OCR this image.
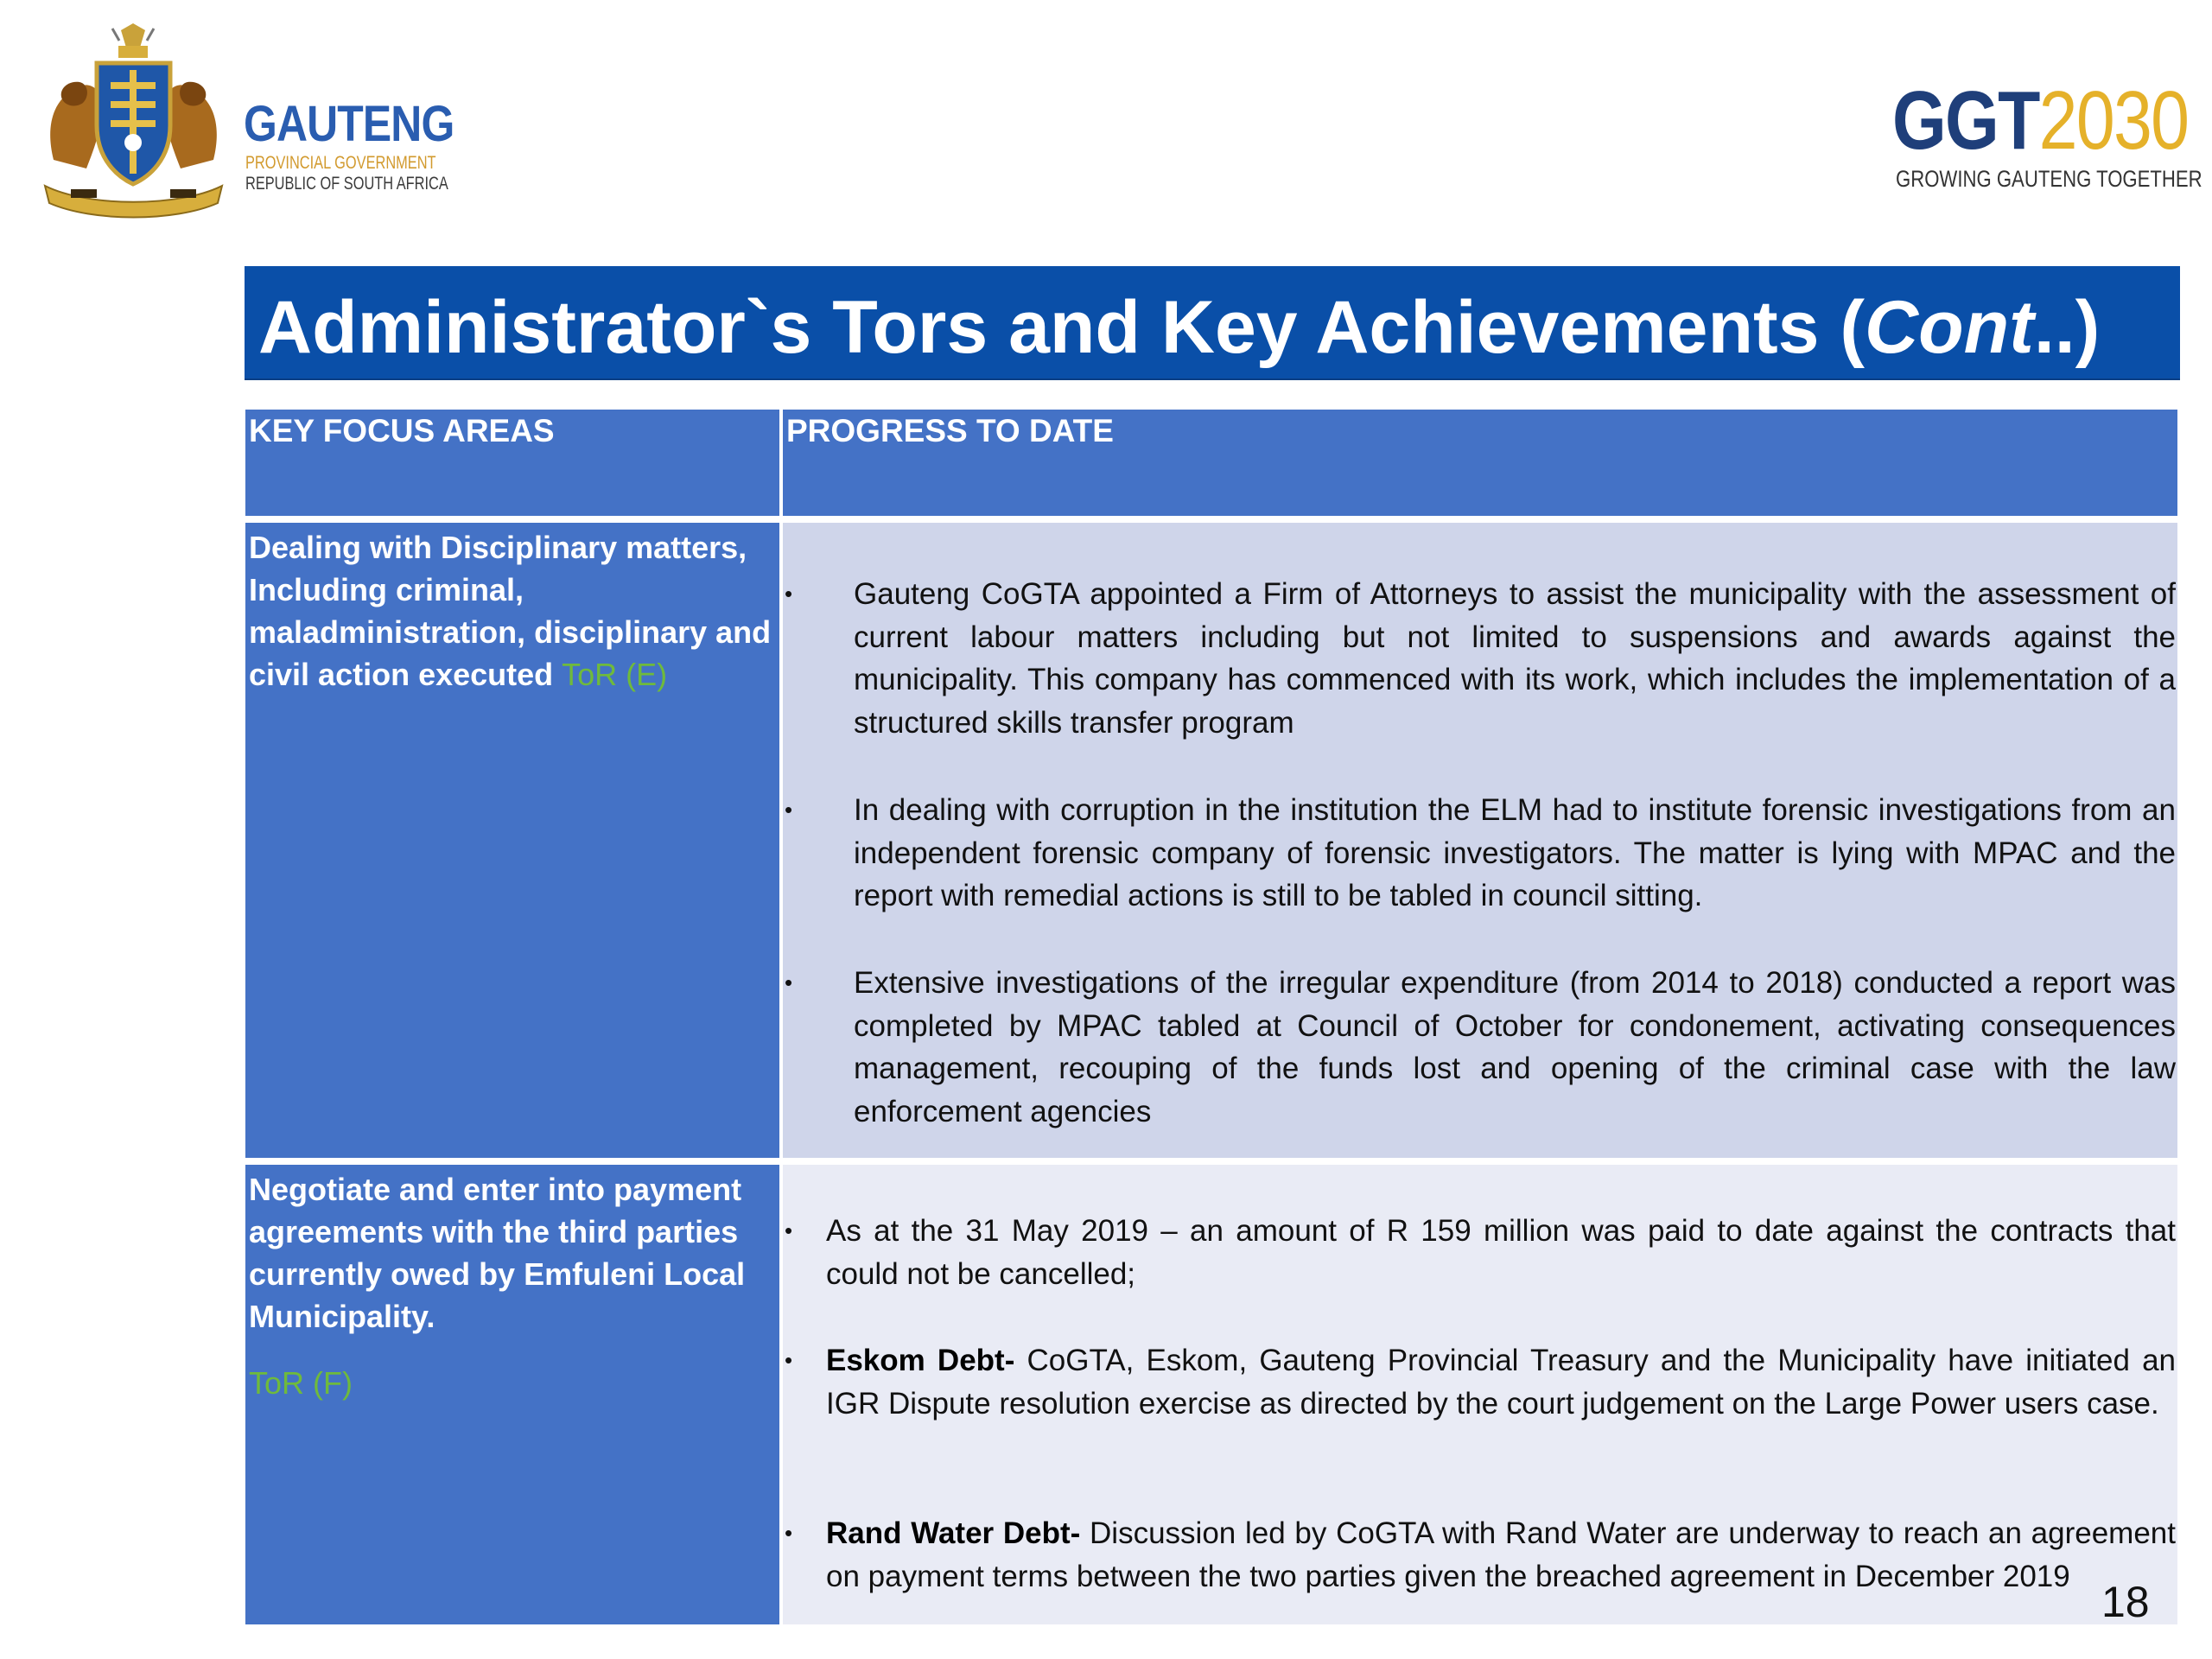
GAUTENG
PROVINCIAL GOVERNMENT
REPUBLIC OF SOUTH AFRICA
GGT2030
GROWING GAUTENG TOGETHER
Administrator`s Tors and Key Achievements (Cont..)
KEY FOCUS AREAS	PROGRESS TO DATE
Dealing with Disciplinary matters, Including criminal, maladministration, disciplinary and civil action executed ToR (E)
• Gauteng CoGTA appointed a Firm of Attorneys to assist the municipality with the assessment of current labour matters including but not limited to suspensions and awards against the municipality. This company has commenced with its work, which includes the implementation of a structured skills transfer program
• In dealing with corruption in the institution the ELM had to institute forensic investigations from an independent forensic company of forensic investigators. The matter is lying with MPAC and the report with remedial actions is still to be tabled in council sitting.
• Extensive investigations of the irregular expenditure (from 2014 to 2018) conducted a report was completed by MPAC tabled at Council of October for condonement, activating consequences management, recouping of the funds lost and opening of the criminal case with the law enforcement agencies
Negotiate and enter into payment agreements with the third parties currently owed by Emfuleni Local Municipality.
ToR (F)
• As at the 31 May 2019 – an amount of R 159 million was paid to date against the contracts that could not be cancelled;
• Eskom Debt- CoGTA, Eskom, Gauteng Provincial Treasury and the Municipality have initiated an IGR Dispute resolution exercise as directed by the court judgement on the Large Power users case.
• Rand Water Debt- Discussion led by CoGTA with Rand Water are underway to reach an agreement on payment terms between the two parties given the breached agreement in December 2019
18
